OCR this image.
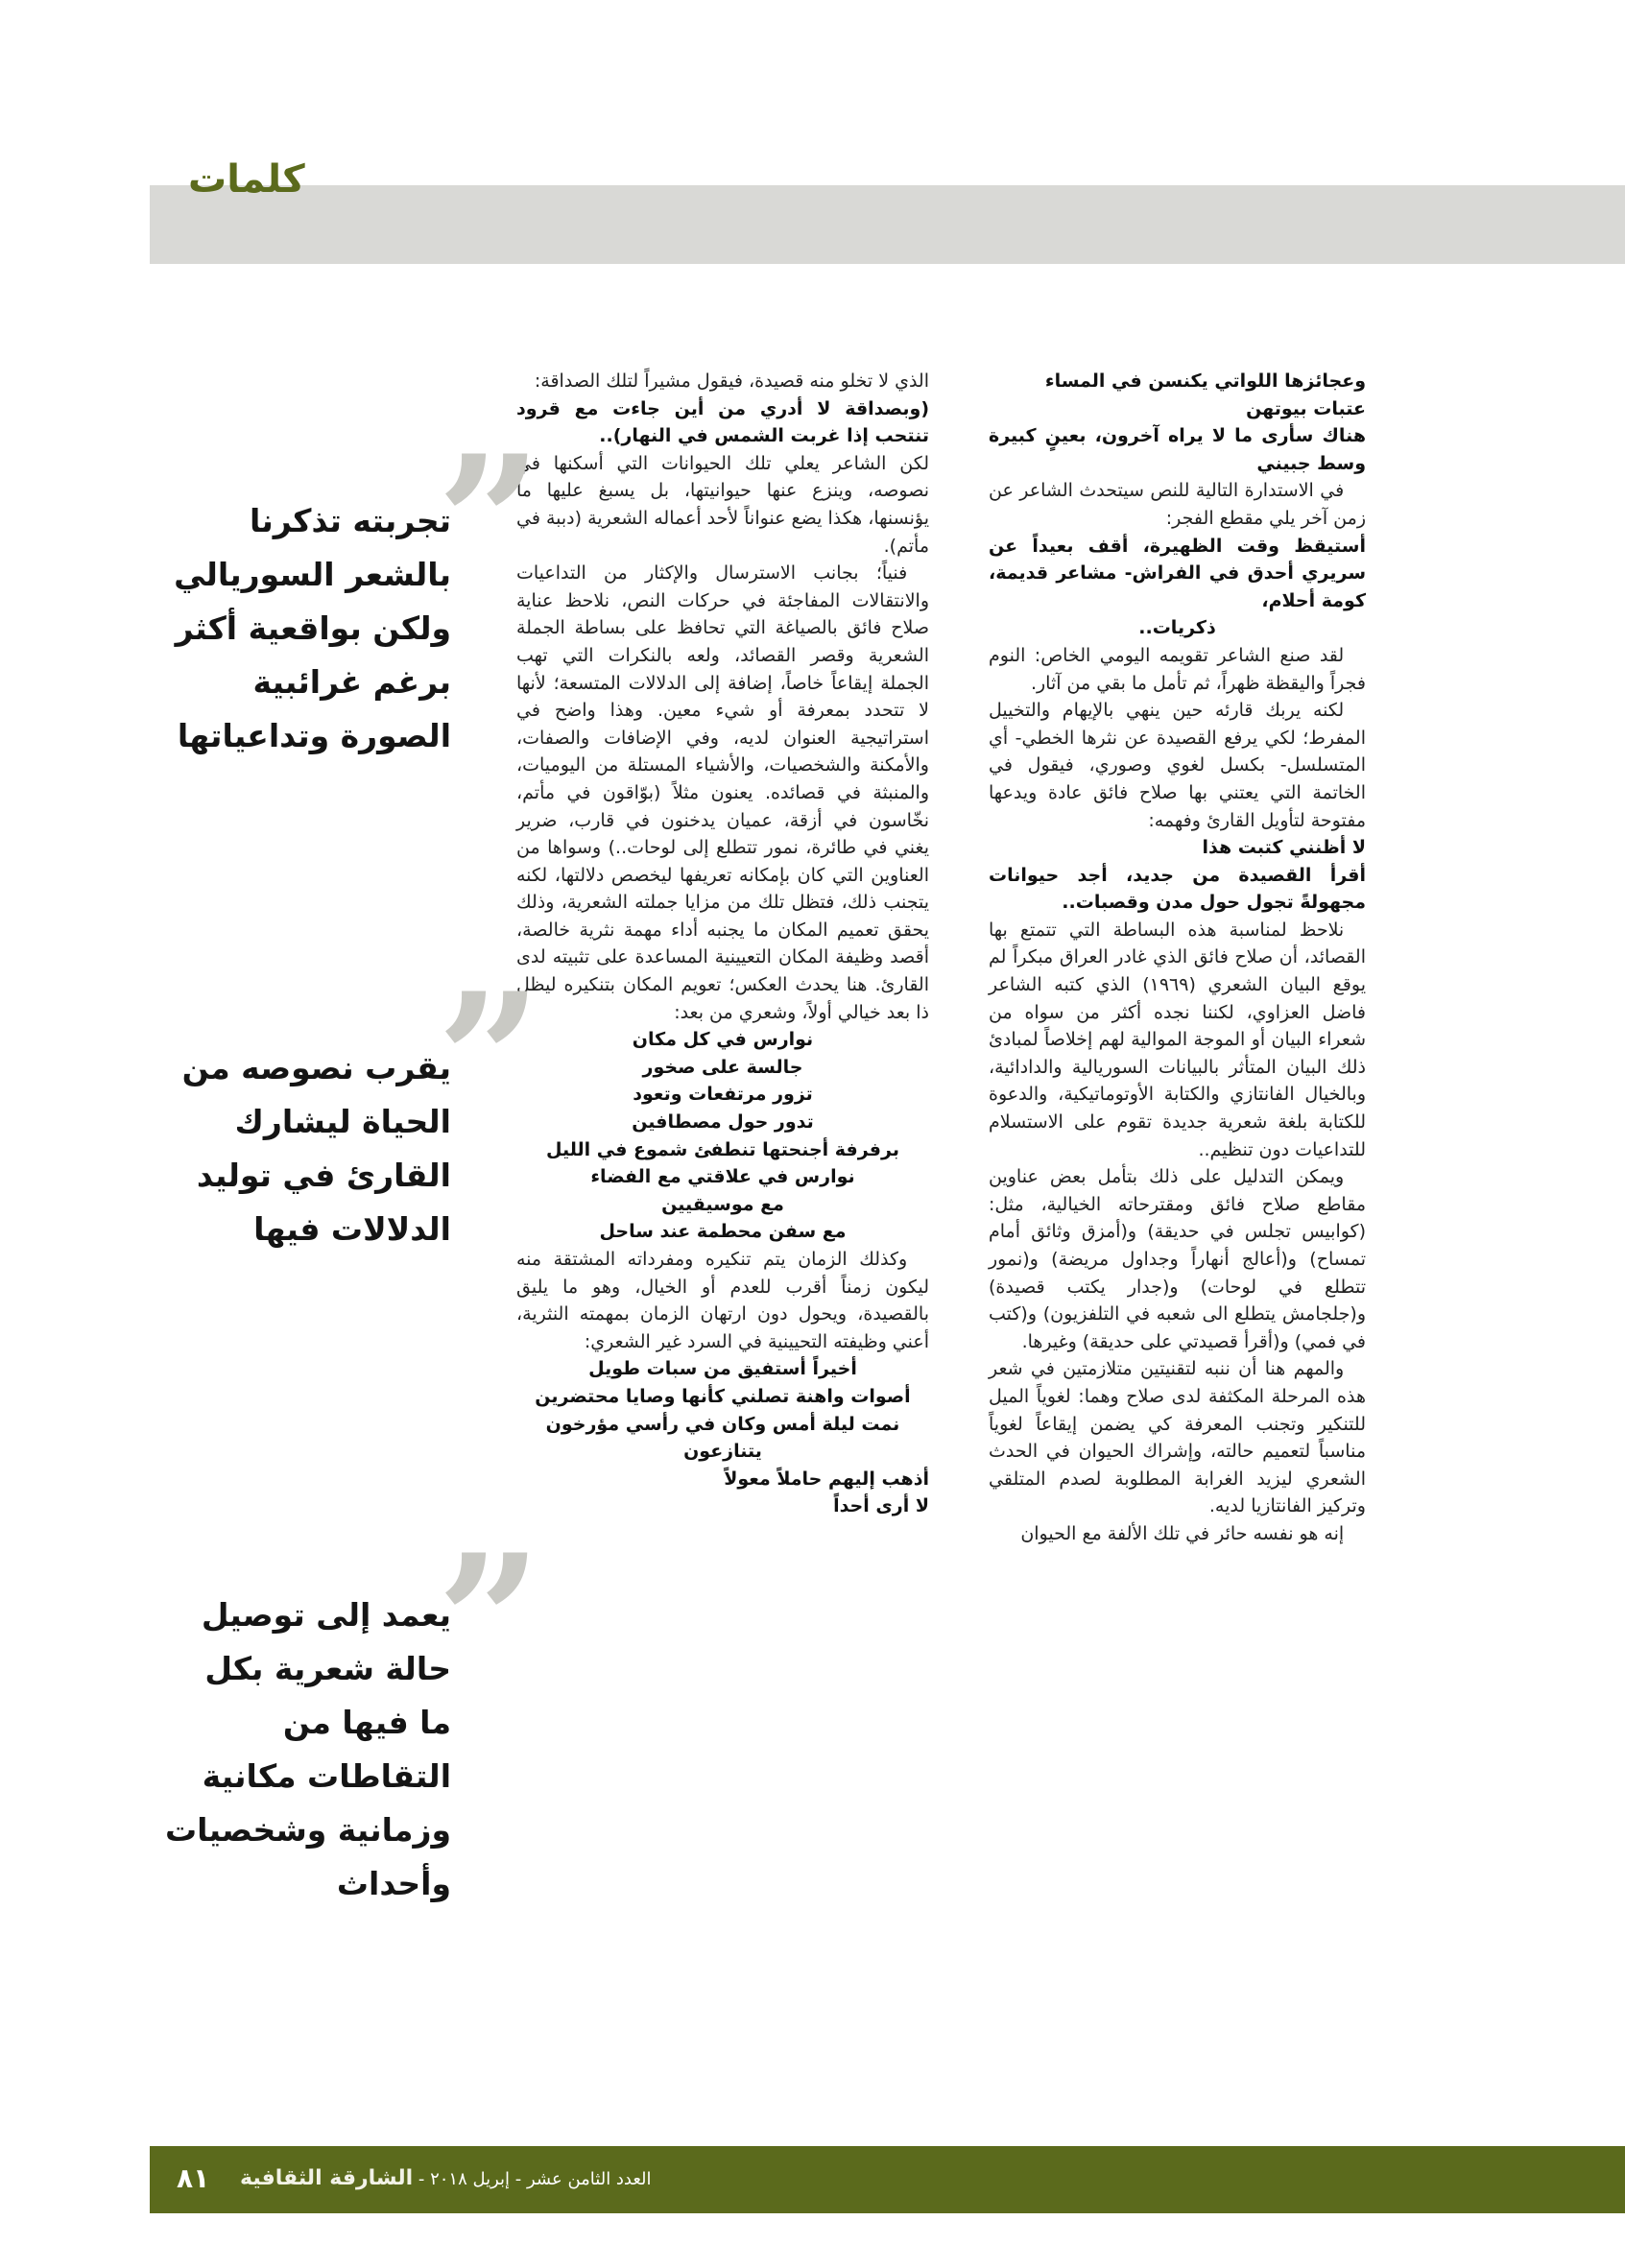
كلمات

وعجائزها اللواتي يكنسن في المساء

عتبات بيوتهن

هناك سأرى ما لا يراه آخرون، بعينٍ كبيرة وسط جبيني

في الاستدارة التالية للنص سيتحدث الشاعر عن زمن آخر يلي مقطع الفجر:

أستيقظ وقت الظهيرة، أقف بعيداً عن سريري أحدق في الفراش- مشاعر قديمة، كومة أحلام،

ذكريات..

لقد صنع الشاعر تقويمه اليومي الخاص: النوم فجراً واليقظة ظهراً، ثم تأمل ما بقي من آثار.

لكنه يربك قارئه حين ينهي بالإيهام والتخييل المفرط؛ لكي يرفع القصيدة عن نثرها الخطي- أي المتسلسل- بكسل لغوي وصوري، فيقول في الخاتمة التي يعتني بها صلاح فائق عادة ويدعها مفتوحة لتأويل القارئ وفهمه:

لا أظنني كتبت هذا

أقرأ القصيدة من جديد، أجد حيوانات مجهولةً تجول حول مدن وقصبات..

نلاحظ لمناسبة هذه البساطة التي تتمتع بها القصائد، أن صلاح فائق الذي غادر العراق مبكراً لم يوقع البيان الشعري (١٩٦٩) الذي كتبه الشاعر فاضل العزاوي، لكننا نجده أكثر من سواه من شعراء البيان أو الموجة الموالية لهم إخلاصاً لمبادئ ذلك البيان المتأثر بالبيانات السوريالية والدادائية، وبالخيال الفانتازي والكتابة الأوتوماتيكية، والدعوة للكتابة بلغة شعرية جديدة تقوم على الاستسلام للتداعيات دون تنظيم..

ويمكن التدليل على ذلك بتأمل بعض عناوين مقاطع صلاح فائق ومقترحاته الخيالية، مثل: (كوابيس تجلس في حديقة) و(أمزق وثائق أمام تمساح) و(أعالج أنهاراً وجداول مريضة) و(نمور تتطلع في لوحات) و(جدار يكتب قصيدة) و(جلجامش يتطلع الى شعبه في التلفزيون) و(كتب في فمي) و(أقرأ قصيدتي على حديقة) وغيرها.

والمهم هنا أن ننبه لتقنيتين متلازمتين في شعر هذه المرحلة المكثفة لدى صلاح وهما: لغوياً الميل للتنكير وتجنب المعرفة كي يضمن إيقاعاً لغوياً مناسباً لتعميم حالته، وإشراك الحيوان في الحدث الشعري ليزيد الغرابة المطلوبة لصدم المتلقي وتركيز الفانتازيا لديه.

إنه هو نفسه حائر في تلك الألفة مع الحيوان

الذي لا تخلو منه قصيدة، فيقول مشيراً لتلك الصداقة:

(وبصداقة لا أدري من أين جاءت مع قرود تنتحب إذا غربت الشمس في النهار)..

لكن الشاعر يعلي تلك الحيوانات التي أسكنها في نصوصه، وينزع عنها حيوانيتها، بل يسبغ عليها ما يؤنسنها، هكذا يضع عنواناً لأحد أعماله الشعرية (دببة في مأتم).

فنياً؛ بجانب الاسترسال والإكثار من التداعيات والانتقالات المفاجئة في حركات النص، نلاحظ عناية صلاح فائق بالصياغة التي تحافظ على بساطة الجملة الشعرية وقصر القصائد، ولعه بالنكرات التي تهب الجملة إيقاعاً خاصاً، إضافة إلى الدلالات المتسعة؛ لأنها لا تتحدد بمعرفة أو شيء معين. وهذا واضح في استراتيجية العنوان لديه، وفي الإضافات والصفات، والأمكنة والشخصيات، والأشياء المستلة من اليوميات، والمنبثة في قصائده. يعنون مثلاً (بوّاقون في مأتم، نخّاسون في أزقة، عميان يدخنون في قارب، ضرير يغني في طائرة، نمور تتطلع إلى لوحات..) وسواها من العناوين التي كان بإمكانه تعريفها ليخصص دلالتها، لكنه يتجنب ذلك، فتظل تلك من مزايا جملته الشعرية، وذلك يحقق تعميم المكان ما يجنبه أداء مهمة نثرية خالصة، أقصد وظيفة المكان التعيينية المساعدة على تثبيته لدى القارئ. هنا يحدث العكس؛ تعويم المكان بتنكيره ليظل ذا بعد خيالي أولاً، وشعري من بعد:

نوارس في كل مكان

جالسة على صخور

تزور مرتفعات وتعود

تدور حول مصطافين

برفرفة أجنحتها تنطفئ شموع في الليل

نوارس في علاقتي مع الفضاء

مع موسيقيين

مع سفن محطمة عند ساحل

وكذلك الزمان يتم تنكيره ومفرداته المشتقة منه ليكون زمناً أقرب للعدم أو الخيال، وهو ما يليق بالقصيدة، ويحول دون ارتهان الزمان بمهمته النثرية، أعني وظيفته التحيينية في السرد غير الشعري:

أخيراً أستفيق من سبات طويل

أصوات واهنة تصلني كأنها وصايا محتضرين

نمت ليلة أمس وكان في رأسي مؤرخون يتنازعون

أذهب إليهم حاملاً معولاً

لا أرى أحداً

”
تجربته تذكرنا بالشعر السوريالي ولكن بواقعية أكثر برغم غرائبية الصورة وتداعياتها
”
يقرب نصوصه من الحياة ليشارك القارئ في توليد الدلالات فيها
”
يعمد إلى توصيل حالة شعرية بكل ما فيها من التقاطات مكانية وزمانية وشخصيات وأحداث
العدد الثامن عشر - إبريل ٢٠١٨ - الشارقة الثقافية
٨١
